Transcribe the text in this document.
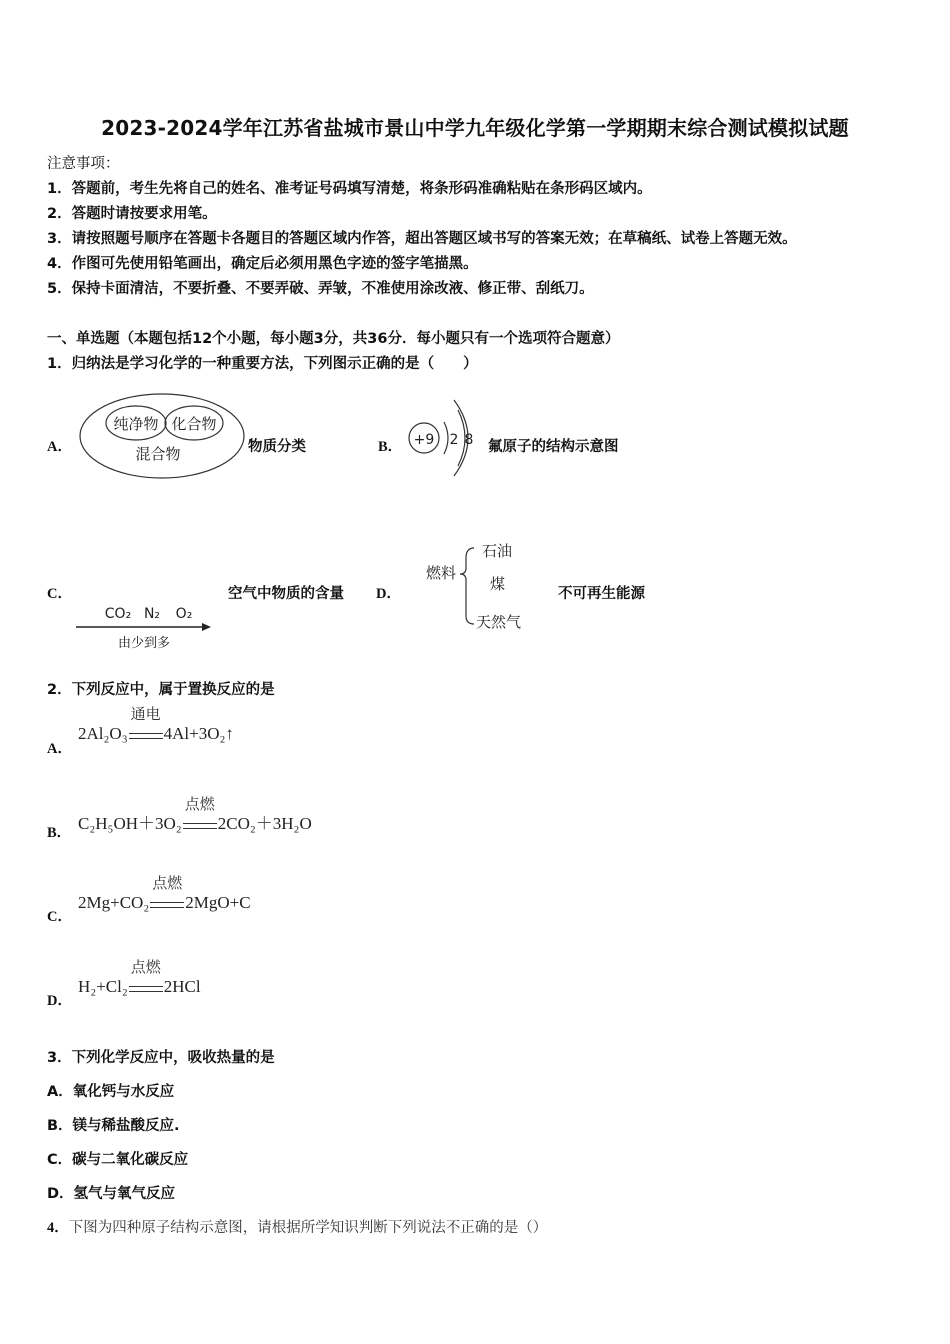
2023-2024学年江苏省盐城市景山中学九年级化学第一学期期末综合测试模拟试题
注意事项：
1．答题前，考生先将自己的姓名、准考证号码填写清楚，将条形码准确粘贴在条形码区域内。
2．答题时请按要求用笔。
3．请按照题号顺序在答题卡各题目的答题区域内作答，超出答题区域书写的答案无效；在草稿纸、试卷上答题无效。
4．作图可先使用铅笔画出，确定后必须用黑色字迹的签字笔描黑。
5．保持卡面清洁，不要折叠、不要弄破、弄皱，不准使用涂改液、修正带、刮纸刀。
一、单选题（本题包括12个小题，每小题3分，共36分．每小题只有一个选项符合题意）
1．归纳法是学习化学的一种重要方法，下列图示正确的是（　　）
A．
纯净物 化合物
混合物	物质分类	B． +9 2 8 氟原子的结构示意图
C．
CO₂ N₂ O₂
由少到多
空气中物质的含量 D．
燃料
石油
煤
天然气
不可再生能源
2．下列反应中，属于置换反应的是
A．
2Al₂O₃
通电
4Al+3O₂↑
B． C₂H₅OH＋3O₂
点燃
2CO₂＋3H₂O
C．
2Mg+CO₂
点燃
2MgO+C
D．
H₂+Cl₂
点燃
2HCl
3．下列化学反应中，吸收热量的是
A．氧化钙与水反应
B．镁与稀盐酸反应.
C．碳与二氧化碳反应
D．氢气与氧气反应
4．下图为四种原子结构示意图，请根据所学知识判断下列说法不正确的是（）
